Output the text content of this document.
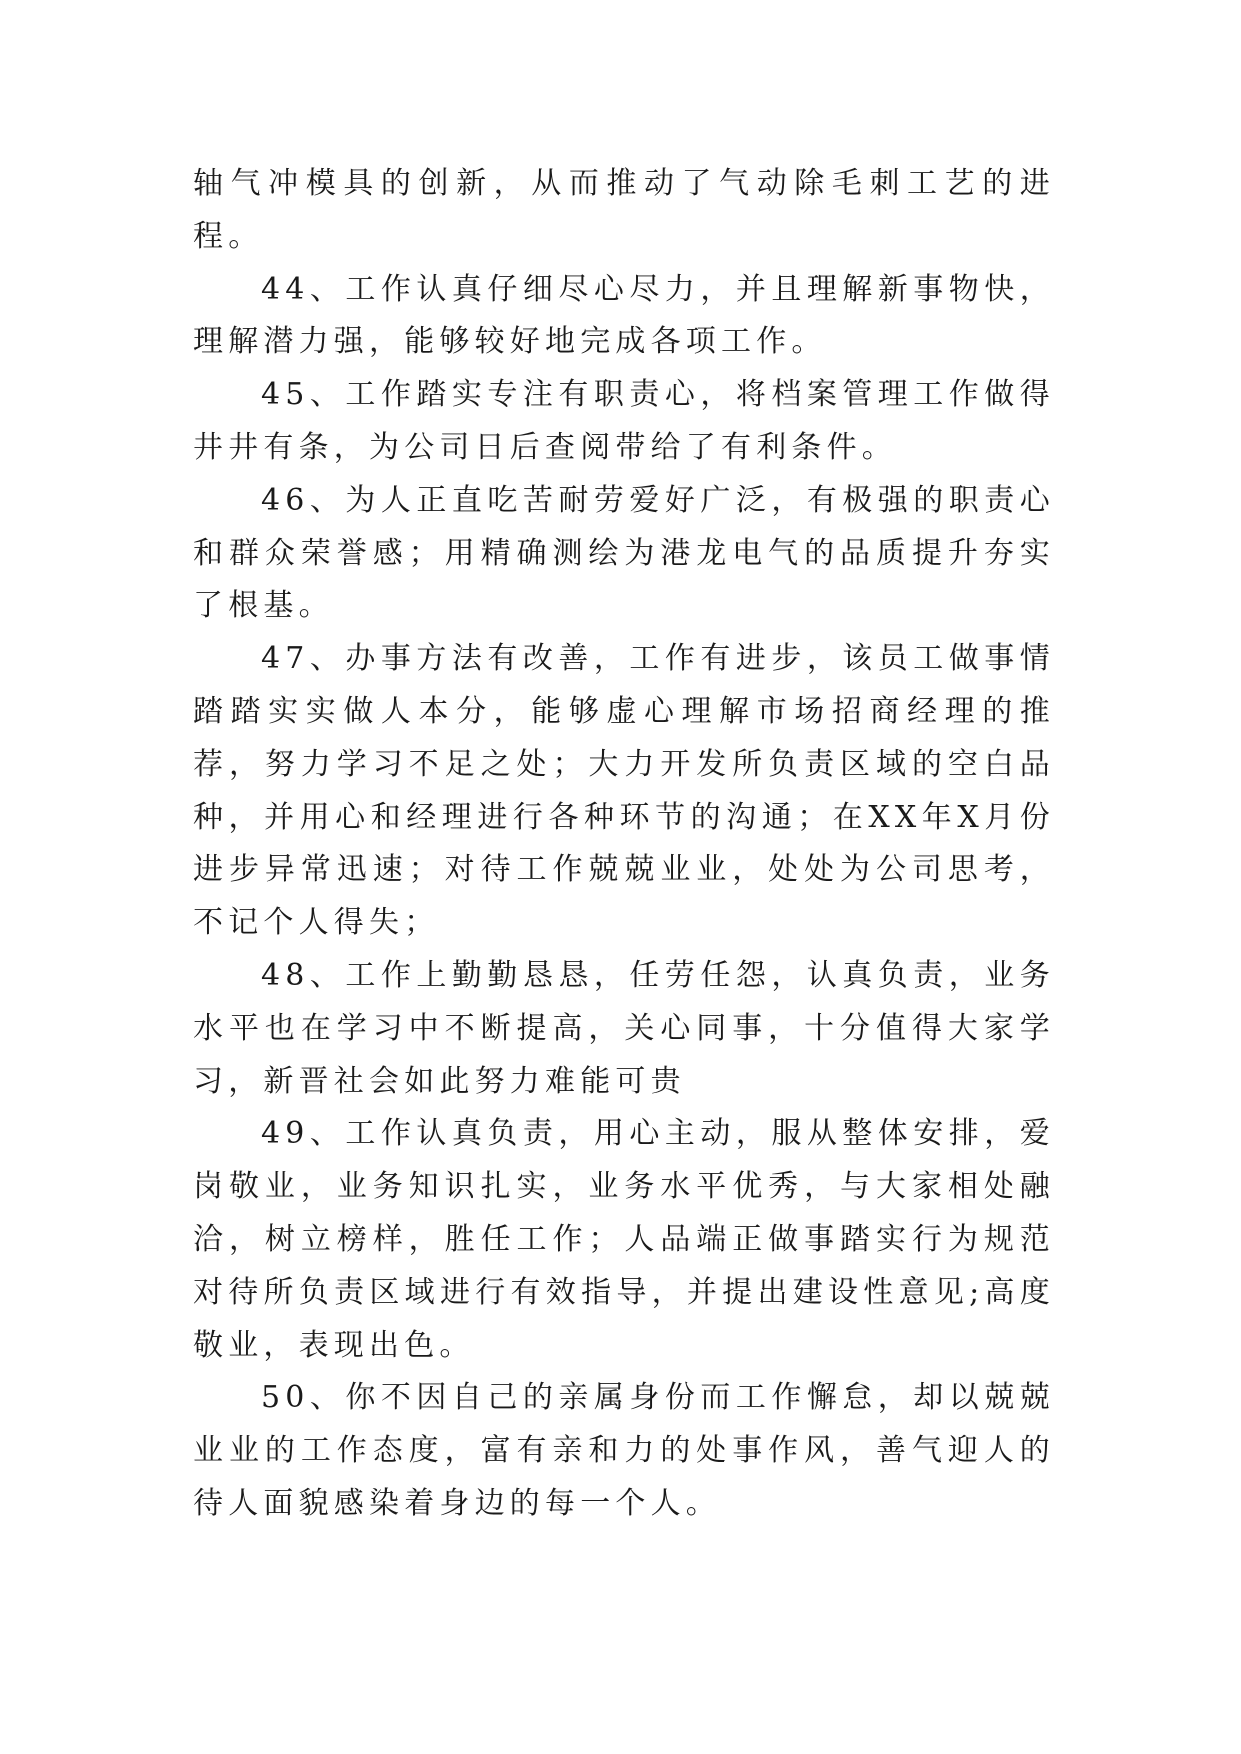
轴气冲模具的创新，从而推动了气动除毛刺工艺的进程。

44、工作认真仔细尽心尽力，并且理解新事物快，理解潜力强，能够较好地完成各项工作。

45、工作踏实专注有职责心，将档案管理工作做得井井有条，为公司日后查阅带给了有利条件。

46、为人正直吃苦耐劳爱好广泛，有极强的职责心和群众荣誉感；用精确测绘为港龙电气的品质提升夯实了根基。

47、办事方法有改善，工作有进步，该员工做事情踏踏实实做人本分，能够虚心理解市场招商经理的推荐，努力学习不足之处；大力开发所负责区域的空白品种，并用心和经理进行各种环节的沟通；在XX年X月份进步异常迅速；对待工作兢兢业业，处处为公司思考，不记个人得失；

48、工作上勤勤恳恳，任劳任怨，认真负责，业务水平也在学习中不断提高，关心同事，十分值得大家学习，新晋社会如此努力难能可贵

49、工作认真负责，用心主动，服从整体安排，爱岗敬业，业务知识扎实，业务水平优秀，与大家相处融洽，树立榜样，胜任工作；人品端正做事踏实行为规范对待所负责区域进行有效指导，并提出建设性意见;高度敬业，表现出色。

50、你不因自己的亲属身份而工作懈怠，却以兢兢业业的工作态度，富有亲和力的处事作风，善气迎人的待人面貌感染着身边的每一个人。
